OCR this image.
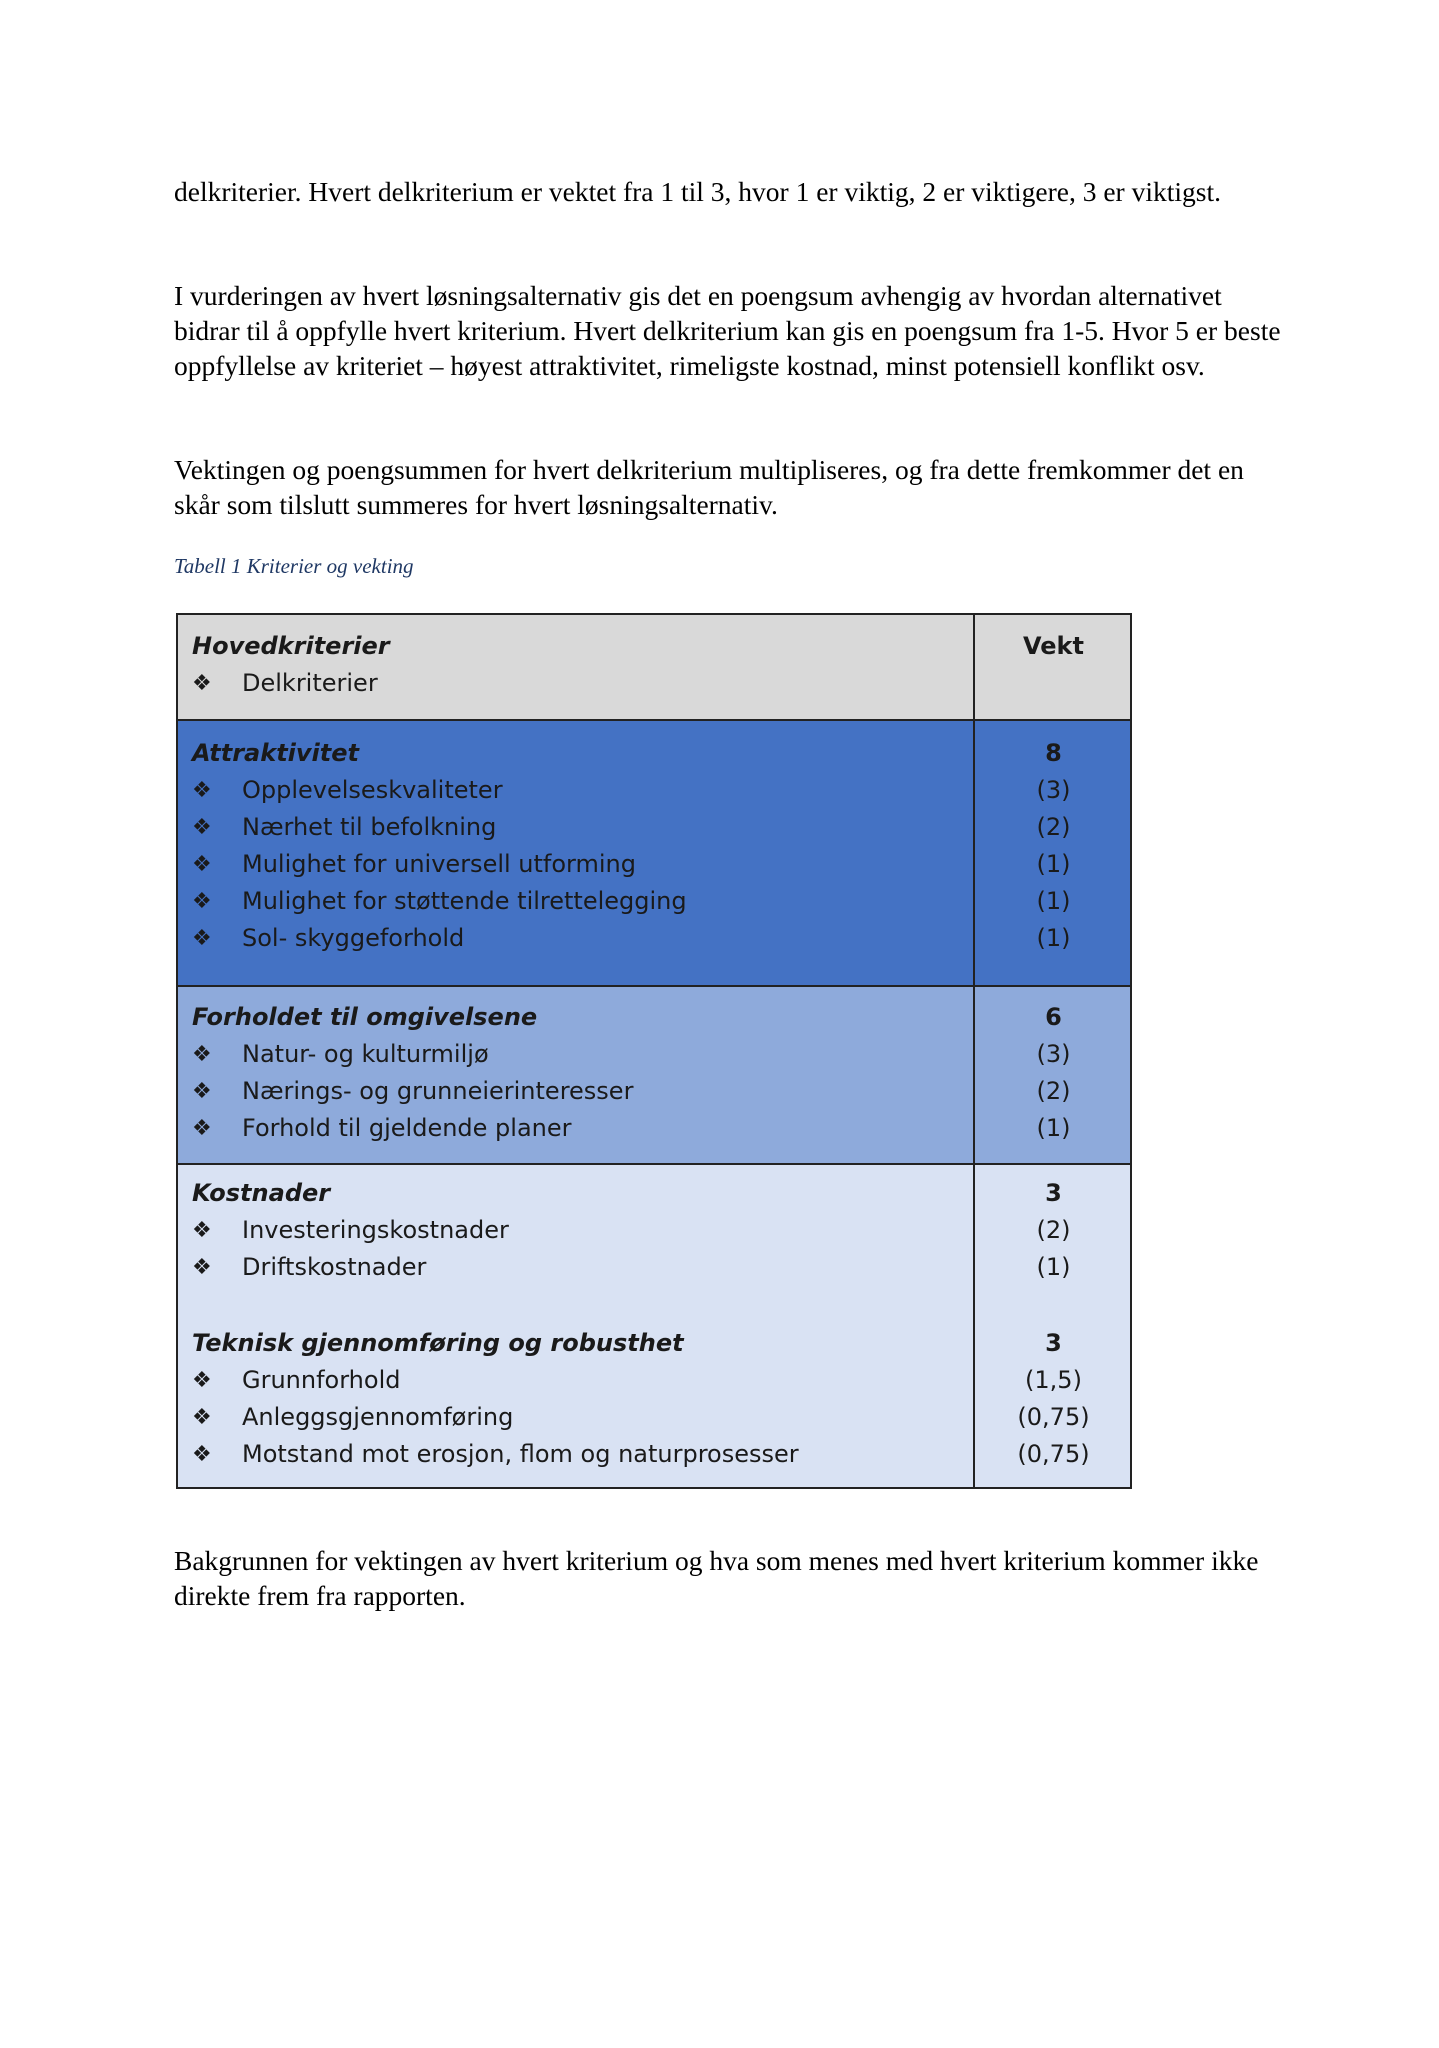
delkriterier. Hvert delkriterium er vektet fra 1 til 3, hvor 1 er viktig, 2 er viktigere, 3 er viktigst.

I vurderingen av hvert løsningsalternativ gis det en poengsum avhengig av hvordan alternativet bidrar til å oppfylle hvert kriterium. Hvert delkriterium kan gis en poengsum fra 1-5. Hvor 5 er beste oppfyllelse av kriteriet – høyest attraktivitet, rimeligste kostnad, minst potensiell konflikt osv.

Vektingen og poengsummen for hvert delkriterium multipliseres, og fra dette fremkommer det en skår som tilslutt summeres for hvert løsningsalternativ.

Tabell 1 Kriterier og vekting

Hovedkriterier	Vekt
❖ Delkriterier
Attraktivitet	8
❖ Opplevelseskvaliteter	(3)
❖ Nærhet til befolkning	(2)
❖ Mulighet for universell utforming	(1)
❖ Mulighet for støttende tilrettelegging	(1)
❖ Sol- skyggeforhold	(1)
Forholdet til omgivelsene	6
❖ Natur- og kulturmiljø	(3)
❖ Nærings- og grunneierinteresser	(2)
❖ Forhold til gjeldende planer	(1)
Kostnader	3
❖ Investeringskostnader	(2)
❖ Driftskostnader	(1)
Teknisk gjennomføring og robusthet	3
❖ Grunnforhold	(1,5)
❖ Anleggsgjennomføring	(0,75)
❖ Motstand mot erosjon, flom og naturprosesser	(0,75)

Bakgrunnen for vektingen av hvert kriterium og hva som menes med hvert kriterium kommer ikke direkte frem fra rapporten.
